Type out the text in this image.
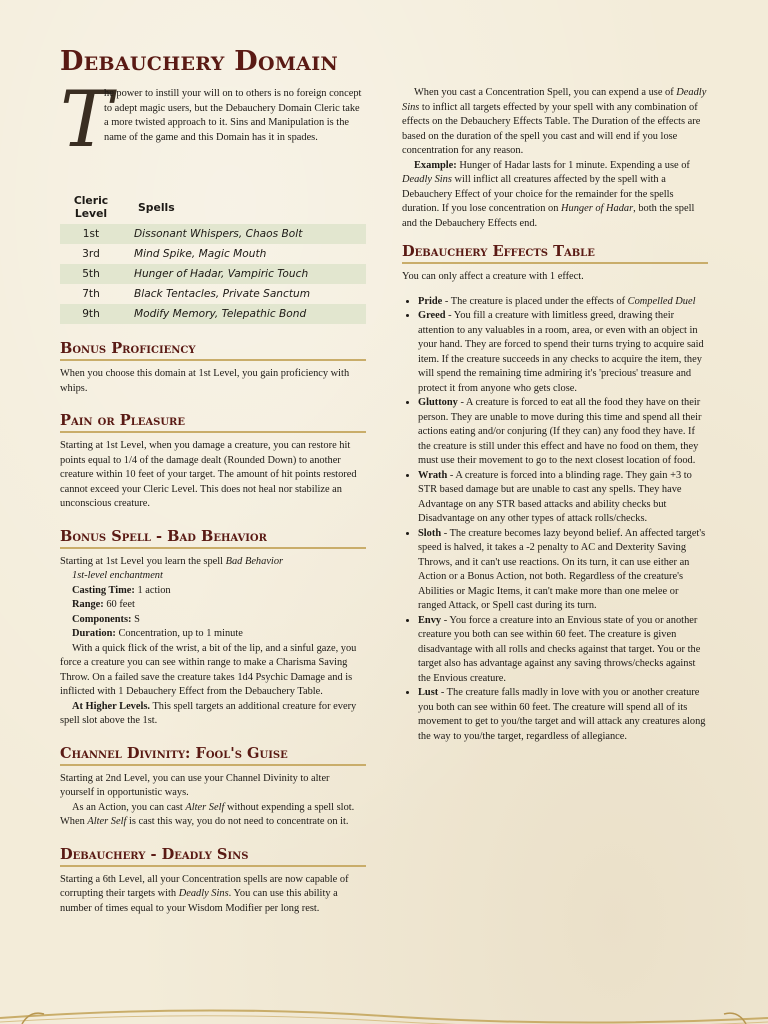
Debauchery Domain
T

he power to instill your will on to others is no foreign concept to adept magic users, but the Debauchery Domain Cleric take a more twisted approach to it. Sins and Manipulation is the name of the game and this Domain has it in spades.

Cleric Level	Spells
1st	Dissonant Whispers, Chaos Bolt
3rd	Mind Spike, Magic Mouth
5th	Hunger of Hadar, Vampiric Touch
7th	Black Tentacles, Private Sanctum
9th	Modify Memory, Telepathic Bond
Bonus Proficiency

When you choose this domain at 1st Level, you gain proficiency with whips.

Pain or Pleasure

Starting at 1st Level, when you damage a creature, you can restore hit points equal to 1/4 of the damage dealt (Rounded Down) to another creature within 10 feet of your target. The amount of hit points restored cannot exceed your Cleric Level. This does not heal nor stabilize an unconscious creature.

Bonus Spell - Bad Behavior

Starting at 1st Level you learn the spell Bad Behavior

1st-level enchantment

Casting Time: 1 action

Range: 60 feet

Components: S

Duration: Concentration, up to 1 minute

With a quick flick of the wrist, a bit of the lip, and a sinful gaze, you force a creature you can see within range to make a Charisma Saving Throw. On a failed save the creature takes 1d4 Psychic Damage and is inflicted with 1 Debauchery Effect from the Debauchery Table.

At Higher Levels. This spell targets an additional creature for every spell slot above the 1st.

Channel Divinity: Fool's Guise

Starting at 2nd Level, you can use your Channel Divinity to alter yourself in opportunistic ways.

As an Action, you can cast Alter Self without expending a spell slot. When Alter Self is cast this way, you do not need to concentrate on it.

Debauchery - Deadly Sins

Starting a 6th Level, all your Concentration spells are now capable of corrupting their targets with Deadly Sins. You can use this ability a number of times equal to your Wisdom Modifier per long rest.

When you cast a Concentration Spell, you can expend a use of Deadly Sins to inflict all targets effected by your spell with any combination of effects on the Debauchery Effects Table. The Duration of the effects are based on the duration of the spell you cast and will end if you lose concentration for any reason.

Example: Hunger of Hadar lasts for 1 minute. Expending a use of Deadly Sins will inflict all creatures affected by the spell with a Debauchery Effect of your choice for the remainder for the spells duration. If you lose concentration on Hunger of Hadar, both the spell and the Debauchery Effects end.

Debauchery Effects Table

You can only affect a creature with 1 effect.

• Pride - The creature is placed under the effects of Compelled Duel
• Greed - You fill a creature with limitless greed, drawing their attention to any valuables in a room, area, or even with an object in your hand. They are forced to spend their turns trying to acquire said item. If the creature succeeds in any checks to acquire the item, they will spend the remaining time admiring it's 'precious' treasure and protect it from anyone who gets close.
• Gluttony - A creature is forced to eat all the food they have on their person. They are unable to move during this time and spend all their actions eating and/or conjuring (If they can) any food they have. If the creature is still under this effect and have no food on them, they must use their movement to go to the next closest location of food.
• Wrath - A creature is forced into a blinding rage. They gain +3 to STR based damage but are unable to cast any spells. They have Advantage on any STR based attacks and ability checks but Disadvantage on any other types of attack rolls/checks.
• Sloth - The creature becomes lazy beyond belief. An affected target's speed is halved, it takes a -2 penalty to AC and Dexterity Saving Throws, and it can't use reactions. On its turn, it can use either an Action or a Bonus Action, not both. Regardless of the creature's Abilities or Magic Items, it can't make more than one melee or ranged Attack, or Spell cast during its turn.
• Envy - You force a creature into an Envious state of you or another creature you both can see within 60 feet. The creature is given disadvantage with all rolls and checks against that target. You or the target also has advantage against any saving throws/checks against the Envious creature.
• Lust - The creature falls madly in love with you or another creature you both can see within 60 feet. The creature will spend all of its movement to get to you/the target and will attack any creatures along the way to you/the target, regardless of allegiance.
